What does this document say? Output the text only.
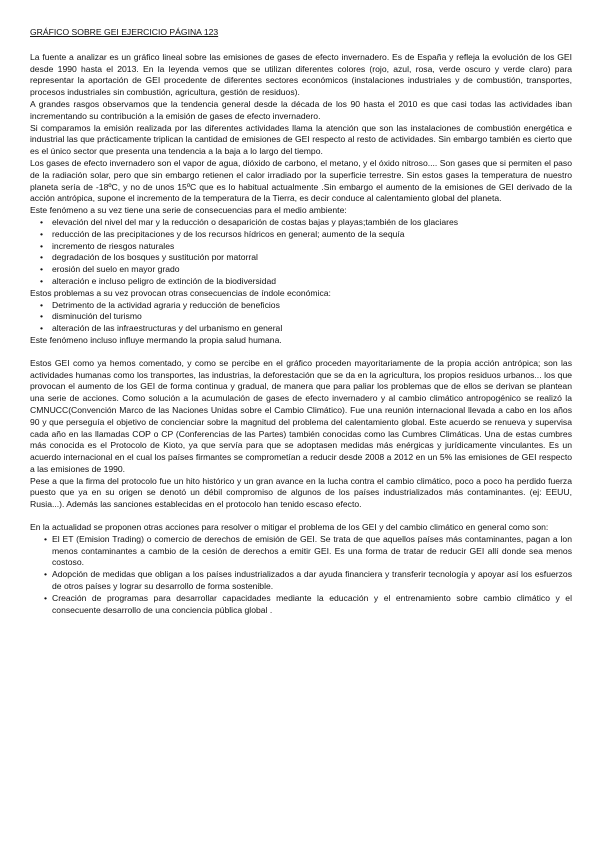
GRÁFICO SOBRE GEI EJERCICIO PÁGINA 123

La fuente a analizar es un gráfico lineal sobre las emisiones de gases de efecto invernadero. Es de España y refleja la evolución de los GEI desde 1990 hasta el 2013. En la leyenda vemos que se utilizan diferentes colores (rojo, azul, rosa, verde oscuro y verde claro) para representar la aportación de GEI procedente de diferentes sectores económicos (instalaciones industriales y de combustión, transportes, procesos industriales sin combustión, agricultura, gestión de residuos).

A grandes rasgos observamos que la tendencia general desde la década de los 90 hasta el 2010 es que casi todas las actividades iban incrementando su contribución a la emisión de gases de efecto invernadero.

Si comparamos la emisión realizada por las diferentes actividades llama la atención que son las instalaciones de combustión energética e industrial las que prácticamente triplican la cantidad de emisiones de GEI respecto al resto de actividades. Sin embargo también es cierto que es el único sector que presenta una tendencia a la baja a lo largo del tiempo.

Los gases de efecto invernadero son el vapor de agua, dióxido de carbono, el metano, y el óxido nitroso.... Son gases que si permiten el paso de la radiación solar, pero que sin embargo retienen el calor irradiado por la superficie terrestre. Sin estos gases la temperatura de nuestro planeta sería de -18ºC, y no de unos 15ºC que es lo habitual actualmente .Sin embargo el aumento de la emisiones de GEI derivado de la acción antrópica, supone el incremento de la temperatura de la Tierra, es decir conduce al calentamiento global del planeta.

Este fenómeno a su vez tiene una serie de consecuencias para el medio ambiente:

• elevación del nivel del mar y la reducción o desaparición de costas bajas y playas;también de los glaciares
• reducción de las precipitaciones y de los recursos hídricos en general; aumento de la sequía
• incremento de riesgos naturales
• degradación de los bosques y sustitución por matorral
• erosión del suelo en mayor grado
• alteración e incluso peligro de extinción de la biodiversidad

Estos problemas a su vez provocan otras consecuencias de índole económica:

• Detrimento de la actividad agraria y reducción de beneficios
• disminución del turismo
• alteración de las infraestructuras y del urbanismo en general

Este fenómeno incluso influye mermando la propia salud humana.

Estos GEI como ya hemos comentado, y como se percibe en el gráfico proceden mayoritariamente de la propia acción antrópica; son las actividades humanas como los transportes, las industrias, la deforestación que se da en la agricultura, los propios residuos urbanos... los que provocan el aumento de los GEI de forma continua y gradual, de manera que para paliar los problemas que de ellos se derivan se plantean una serie de acciones. Como solución a la acumulación de gases de efecto invernadero y al cambio climático antropogénico se realizó la CMNUCC(Convención Marco de las Naciones Unidas sobre el Cambio Climático). Fue una reunión internacional llevada a cabo en los años 90 y que perseguía el objetivo de concienciar sobre la magnitud del problema del calentamiento global. Este acuerdo se renueva y supervisa cada año en las llamadas COP o CP (Conferencias de las Partes) también conocidas como las Cumbres Climáticas. Una de estas cumbres más conocida es el Protocolo de Kioto, ya que servía para que se adoptasen medidas más enérgicas y jurídicamente vinculantes. Es un acuerdo internacional en el cual los países firmantes se comprometían a reducir desde 2008 a 2012 en un 5% las emisiones de GEI respecto a las emisiones de 1990.

Pese a que la firma del protocolo fue un hito histórico y un gran avance en la lucha contra el cambio climático, poco a poco ha perdido fuerza puesto que ya en su origen se denotó un débil compromiso de algunos de los países industrializados más contaminantes. (ej: EEUU, Rusia...). Además las sanciones establecidas en el protocolo han tenido escaso efecto.

En la actualidad se proponen otras acciones para resolver o mitigar el problema de los GEI y del cambio climático en general como son:

• El ET (Emision Trading) o comercio de derechos de emisión de GEI. Se trata de que aquellos países más contaminantes, pagan a lon menos contaminantes a cambio de la cesión de derechos a emitir GEI. Es una forma de tratar de reducir GEI allí donde sea menos costoso.

• Adopción de medidas que obligan a los países industrializados a dar ayuda financiera y transferir tecnología y apoyar así los esfuerzos de otros países y lograr su desarrollo de forma sostenible.

• Creación de programas para desarrollar capacidades mediante la educación y el entrenamiento sobre cambio climático y el consecuente desarrollo de una conciencia pública global .
